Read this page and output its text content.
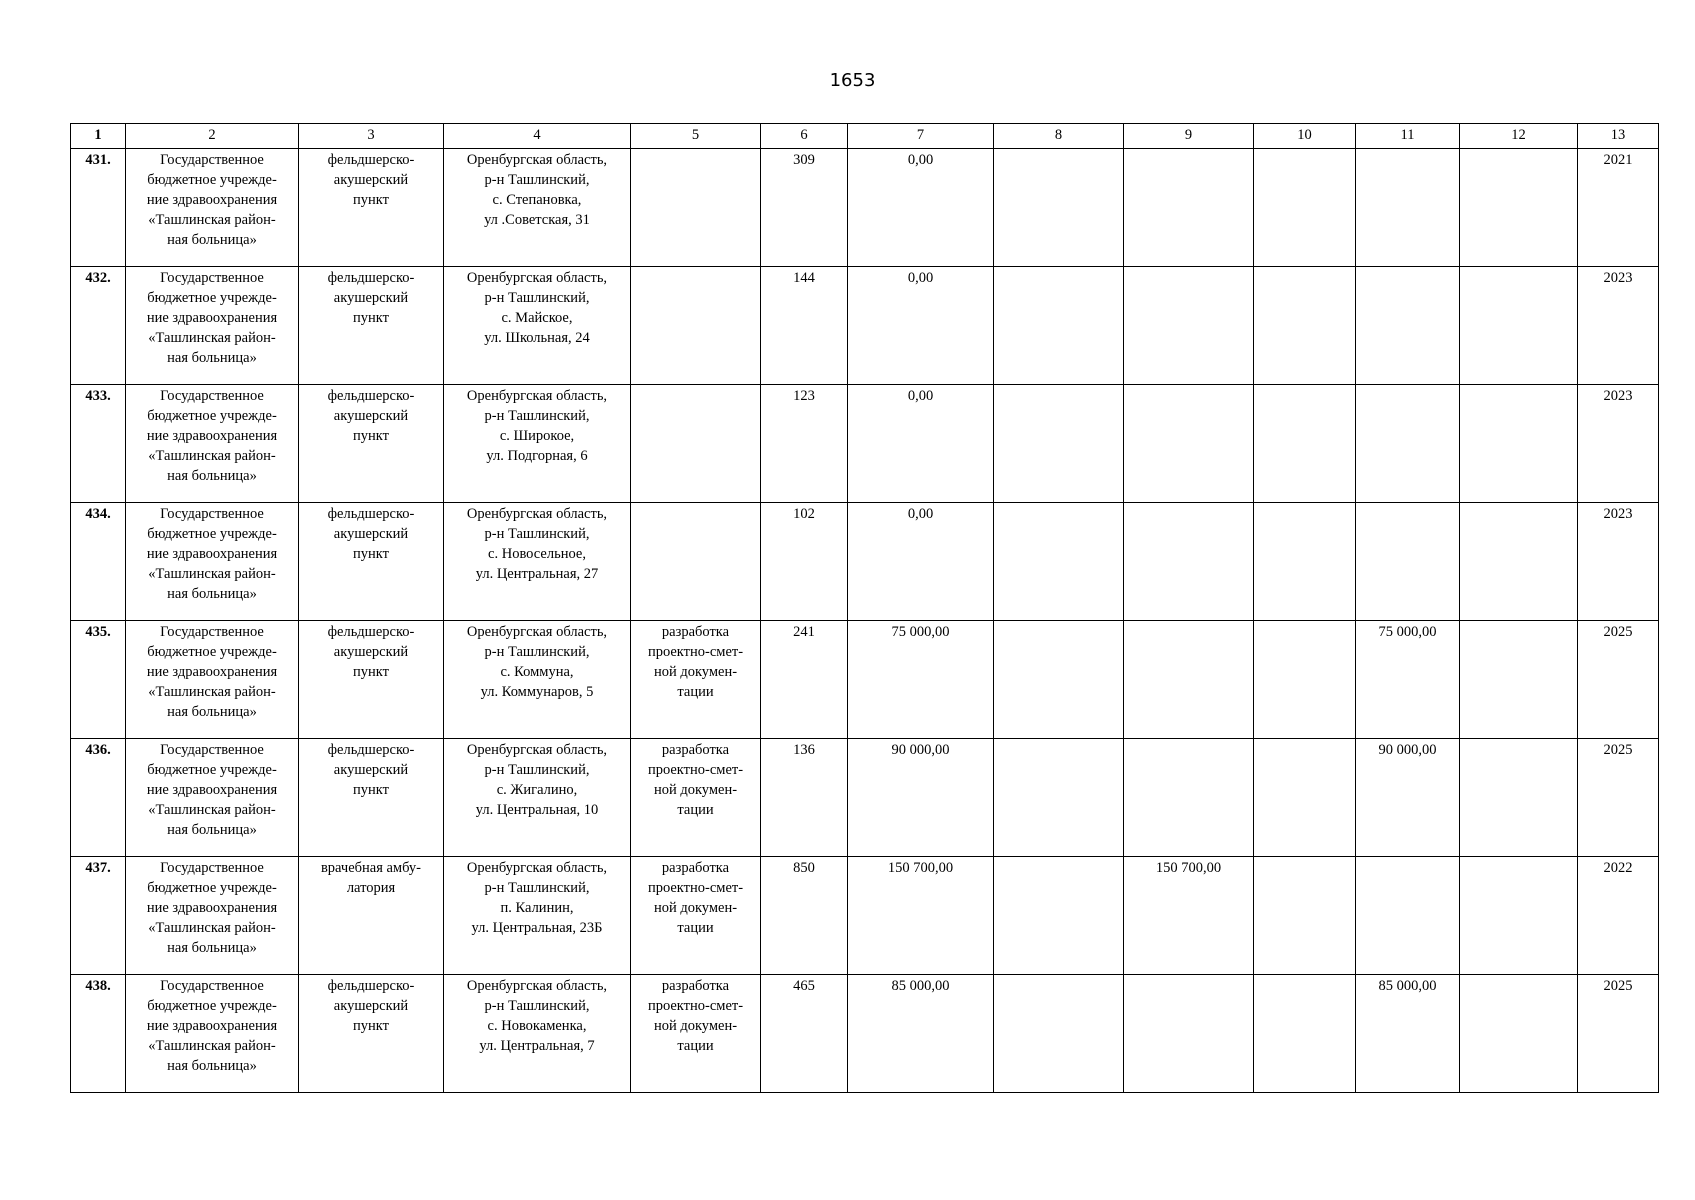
1653
1	2	3	4	5	6	7	8	9	10	11	12	13
431.	Государственное
бюджетное учрежде-
ние здравоохранения
«Ташлинская район-
ная больница»	фельдшерско-
акушерский
пункт	Оренбургская область,
р-н Ташлинский,
с. Степановка,
ул .Советская, 31		309	0,00						2021
432.	Государственное
бюджетное учрежде-
ние здравоохранения
«Ташлинская район-
ная больница»	фельдшерско-
акушерский
пункт	Оренбургская область,
р-н Ташлинский,
с. Майское,
ул. Школьная, 24		144	0,00						2023
433.	Государственное
бюджетное учрежде-
ние здравоохранения
«Ташлинская район-
ная больница»	фельдшерско-
акушерский
пункт	Оренбургская область,
р-н Ташлинский,
с. Широкое,
ул. Подгорная, 6		123	0,00						2023
434.	Государственное
бюджетное учрежде-
ние здравоохранения
«Ташлинская район-
ная больница»	фельдшерско-
акушерский
пункт	Оренбургская область,
р-н Ташлинский,
с. Новосельное,
ул. Центральная, 27		102	0,00						2023
435.	Государственное
бюджетное учрежде-
ние здравоохранения
«Ташлинская район-
ная больница»	фельдшерско-
акушерский
пункт	Оренбургская область,
р-н Ташлинский,
с. Коммуна,
ул. Коммунаров, 5	разработка
проектно-смет-
ной докумен-
тации	241	75 000,00				75 000,00		2025
436.	Государственное
бюджетное учрежде-
ние здравоохранения
«Ташлинская район-
ная больница»	фельдшерско-
акушерский
пункт	Оренбургская область,
р-н Ташлинский,
с. Жигалино,
ул. Центральная, 10	разработка
проектно-смет-
ной докумен-
тации	136	90 000,00				90 000,00		2025
437.	Государственное
бюджетное учрежде-
ние здравоохранения
«Ташлинская район-
ная больница»	врачебная амбу-
латория	Оренбургская область,
р-н Ташлинский,
п. Калинин,
ул. Центральная, 23Б	разработка
проектно-смет-
ной докумен-
тации	850	150 700,00		150 700,00				2022
438.	Государственное
бюджетное учрежде-
ние здравоохранения
«Ташлинская район-
ная больница»	фельдшерско-
акушерский
пункт	Оренбургская область,
р-н Ташлинский,
с. Новокаменка,
ул. Центральная, 7	разработка
проектно-смет-
ной докумен-
тации	465	85 000,00				85 000,00		2025
